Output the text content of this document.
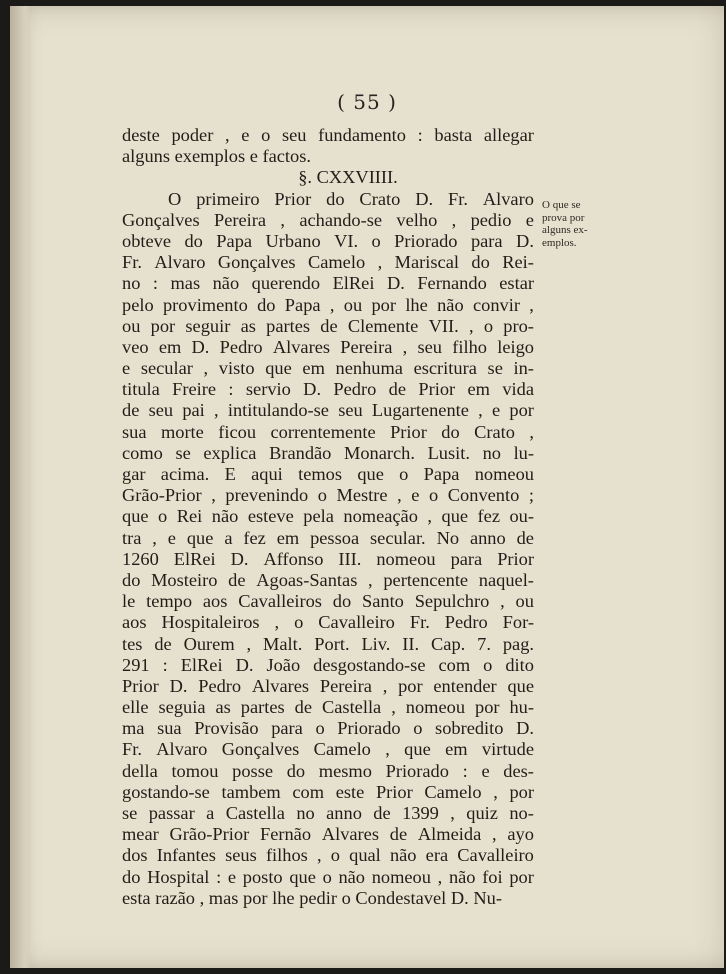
( 55 )
deste poder , e o seu fundamento : basta allegar
alguns exemplos e factos.
§. CXXVIIII.
O primeiro Prior do Crato D. Fr. Alvaro
Gonçalves Pereira , achando-se velho , pedio e
obteve do Papa Urbano VI. o Priorado para D.
Fr. Alvaro Gonçalves Camelo , Mariscal do Rei-
no : mas não querendo ElRei D. Fernando estar
pelo provimento do Papa , ou por lhe não convir ,
ou por seguir as partes de Clemente VII. , o pro-
veo em D. Pedro Alvares Pereira , seu filho leigo
e secular , visto que em nenhuma escritura se in-
titula Freire : servio D. Pedro de Prior em vida
de seu pai , intitulando-se seu Lugartenente , e por
sua morte ficou correntemente Prior do Crato ,
como se explica Brandão Monarch. Lusit. no lu-
gar acima. E aqui temos que o Papa nomeou
Grão-Prior , prevenindo o Mestre , e o Convento ;
que o Rei não esteve pela nomeação , que fez ou-
tra , e que a fez em pessoa secular. No anno de
1260 ElRei D. Affonso III. nomeou para Prior
do Mosteiro de Agoas-Santas , pertencente naquel-
le tempo aos Cavalleiros do Santo Sepulchro , ou
aos Hospitaleiros , o Cavalleiro Fr. Pedro For-
tes de Ourem , Malt. Port. Liv. II. Cap. 7. pag.
291 : ElRei D. João desgostando-se com o dito
Prior D. Pedro Alvares Pereira , por entender que
elle seguia as partes de Castella , nomeou por hu-
ma sua Provisão para o Priorado o sobredito D.
Fr. Alvaro Gonçalves Camelo , que em virtude
della tomou posse do mesmo Priorado : e des-
gostando-se tambem com este Prior Camelo , por
se passar a Castella no anno de 1399 , quiz no-
mear Grão-Prior Fernão Alvares de Almeida , ayo
dos Infantes seus filhos , o qual não era Cavalleiro
do Hospital : e posto que o não nomeou , não foi por
esta razão , mas por lhe pedir o Condestavel D. Nu-
O que se
prova por
alguns ex-
emplos.
